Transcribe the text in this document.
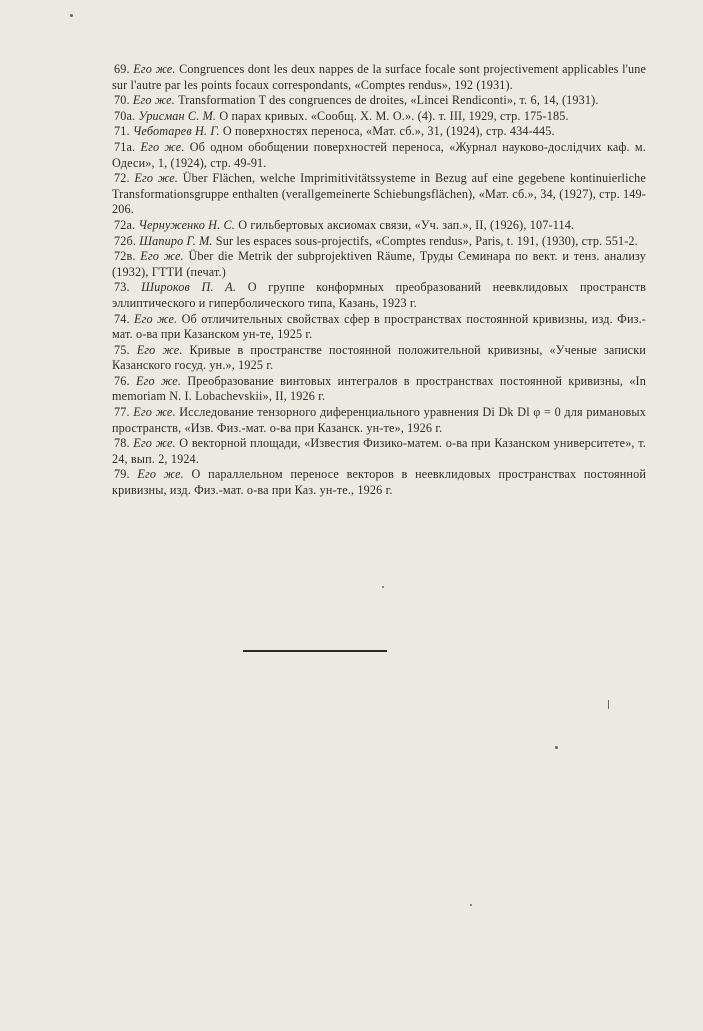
69. Его же. Congruences dont les deux nappes de la surface focale sont projectivement applicables l'une sur l'autre par les points focaux correspondants, «Comptes rendus», 192 (1931).

70. Его же. Transformation T des congruences de droites, «Lincei Rendiconti», т. 6, 14, (1931).

70а. Урисман С. М. О парах кривых. «Сообщ. Х. М. О.». (4). т. III, 1929, стр. 175-185.

71. Чеботарев Н. Г. О поверхностях переноса, «Мат. сб.», 31, (1924), стр. 434-445.

71а. Его же. Об одном обобщении поверхностей переноса, «Журнал науково-дослiдчих каф. м. Одеси», 1, (1924), стр. 49-91.

72. Его же. Über Flächen, welche Imprimitivitätssysteme in Bezug auf eine gegebene kontinuierliche Transformationsgruppe enthalten (verallgemeinerte Schiebungsflächen), «Мат. сб.», 34, (1927), стр. 149-206.

72а. Чернуженко Н. С. О гильбертовых аксиомах связи, «Уч. зап.», II, (1926), 107-114.

72б. Шапиро Г. М. Sur les espaces sous-projectifs, «Comptes rendus», Paris, t. 191, (1930), стр. 551-2.

72в. Его же. Über die Metrik der subprojektiven Räume, Труды Семинара по вект. и тенз. анализу (1932), ГТТИ (печат.)

73. Широков П. А. О группе конформных преобразований неевклидовых пространств эллиптического и гиперболического типа, Казань, 1923 г.

74. Его же. Об отличительных свойствах сфер в пространствах постоянной кривизны, изд. Физ.-мат. о-ва при Казанском ун-те, 1925 г.

75. Его же. Кривые в пространстве постоянной положительной кривизны, «Ученые записки Казанского госуд. ун.», 1925 г.

76. Его же. Преобразование винтовых интегралов в пространствах постоянной кривизны, «In memoriam N. I. Lobachevskii», II, 1926 г.

77. Его же. Исследование тензорного диференциального уравнения Di Dk Dl φ = 0 для римановых пространств, «Изв. Физ.-мат. о-ва при Казанск. ун-те», 1926 г.

78. Его же. О векторной площади, «Известия Физико-матем. о-ва при Казанском университете», т. 24, вып. 2, 1924.

79. Его же. О параллельном переносе векторов в неевклидовых пространствах постоянной кривизны, изд. Физ.-мат. о-ва при Каз. ун-те., 1926 г.
